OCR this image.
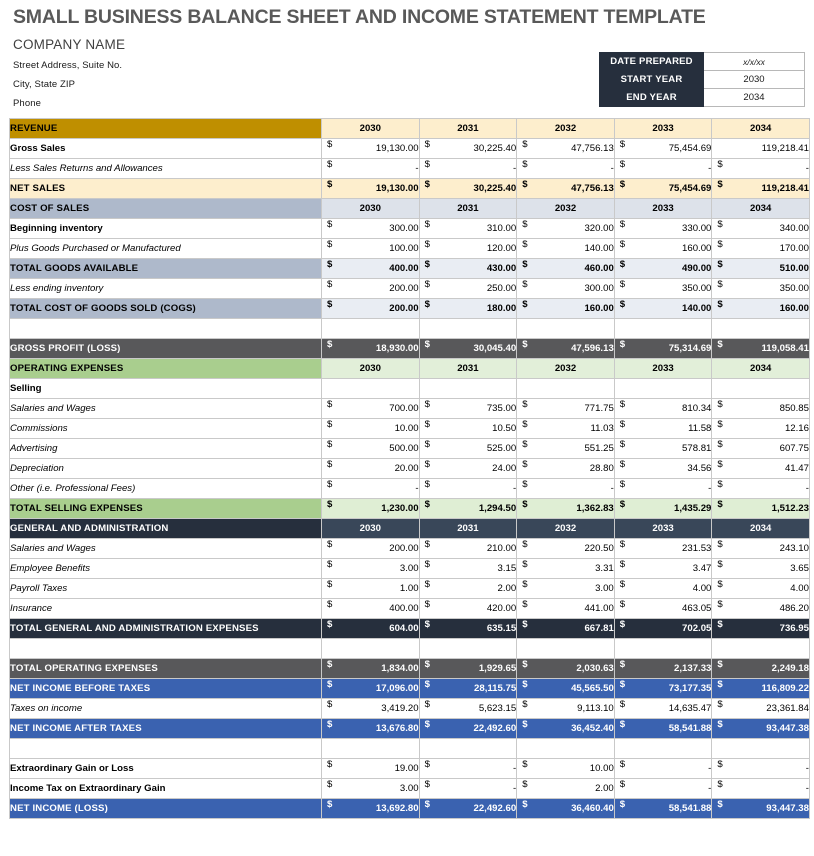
SMALL BUSINESS BALANCE SHEET AND INCOME STATEMENT TEMPLATE
COMPANY NAME
Street Address, Suite No.
City, State ZIP
Phone
DATE PREPARED	x/x/xx
START YEAR	2030
END YEAR	2034
REVENUE	2030	2031	2032	2033	2034
Gross Sales	$ 19,130.00	$ 30,225.40	$ 47,756.13	$ 75,454.69	119,218.41
Less Sales Returns and Allowances	$ -	$ -	$ -	$ -	$ -
NET SALES	$ 19,130.00	$ 30,225.40	$ 47,756.13	$ 75,454.69	$ 119,218.41
COST OF SALES	2030	2031	2032	2033	2034
Beginning inventory	$ 300.00	$ 310.00	$ 320.00	$ 330.00	$ 340.00
Plus Goods Purchased or Manufactured	$ 100.00	$ 120.00	$ 140.00	$ 160.00	$ 170.00
TOTAL GOODS AVAILABLE	$ 400.00	$ 430.00	$ 460.00	$ 490.00	$ 510.00
Less ending inventory	$ 200.00	$ 250.00	$ 300.00	$ 350.00	$ 350.00
TOTAL COST OF GOODS SOLD (COGS)	$ 200.00	$ 180.00	$ 160.00	$ 140.00	$ 160.00

GROSS PROFIT (LOSS)	$ 18,930.00	$ 30,045.40	$ 47,596.13	$ 75,314.69	$ 119,058.41
OPERATING EXPENSES	2030	2031	2032	2033	2034
Selling					
Salaries and Wages	$ 700.00	$ 735.00	$ 771.75	$ 810.34	$ 850.85
Commissions	$ 10.00	$ 10.50	$ 11.03	$ 11.58	$ 12.16
Advertising	$ 500.00	$ 525.00	$ 551.25	$ 578.81	$ 607.75
Depreciation	$ 20.00	$ 24.00	$ 28.80	$ 34.56	$ 41.47
Other (i.e. Professional Fees)	$ -	$ -	$ -	$ -	$ -
TOTAL SELLING EXPENSES	$ 1,230.00	$ 1,294.50	$ 1,362.83	$ 1,435.29	$ 1,512.23
GENERAL AND ADMINISTRATION	2030	2031	2032	2033	2034
Salaries and Wages	$ 200.00	$ 210.00	$ 220.50	$ 231.53	$ 243.10
Employee Benefits	$ 3.00	$ 3.15	$ 3.31	$ 3.47	$ 3.65
Payroll Taxes	$ 1.00	$ 2.00	$ 3.00	$ 4.00	$ 4.00
Insurance	$ 400.00	$ 420.00	$ 441.00	$ 463.05	$ 486.20
TOTAL GENERAL AND ADMINISTRATION EXPENSES	$ 604.00	$ 635.15	$ 667.81	$ 702.05	$ 736.95

TOTAL OPERATING EXPENSES	$ 1,834.00	$ 1,929.65	$ 2,030.63	$ 2,137.33	$ 2,249.18
NET INCOME BEFORE TAXES	$ 17,096.00	$ 28,115.75	$ 45,565.50	$ 73,177.35	$ 116,809.22
Taxes on income	$ 3,419.20	$ 5,623.15	$ 9,113.10	$ 14,635.47	$ 23,361.84
NET INCOME AFTER TAXES	$ 13,676.80	$ 22,492.60	$ 36,452.40	$ 58,541.88	$ 93,447.38

Extraordinary Gain or Loss	$ 19.00	$ -	$ 10.00	$ -	$ -
Income Tax on Extraordinary Gain	$ 3.00	$ -	$ 2.00	$ -	$ -
NET INCOME (LOSS)	$ 13,692.80	$ 22,492.60	$ 36,460.40	$ 58,541.88	$ 93,447.38
